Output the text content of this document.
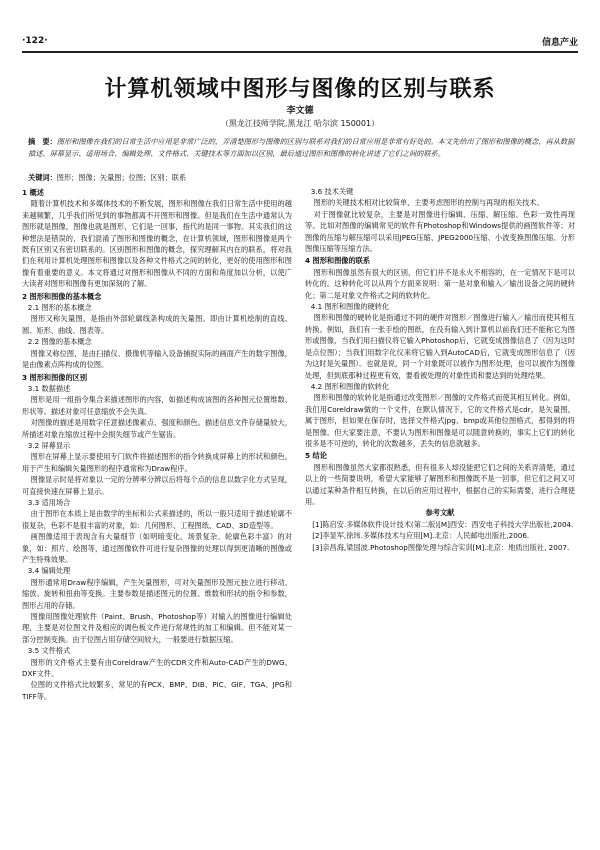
·122·	信息产业
计算机领域中图形与图像的区别与联系
李文德
（黑龙江技师学院,黑龙江 哈尔滨 150001）
摘　要：图形和图像在我们的日常生活中应用是非常广泛的，弄清楚图形与图像的区别与联系对我们的日常应用是非常有好处的。本文先给出了图形和图像的概念，再从数据描述、屏幕显示、适用场合、编辑处理、文件格式、关键技术等方面加以区别，最后通过图形和图像的转化讲述了它们之间的联系。
关键词：图形；图像；矢量图；位图；区别；联系

1 概述

随着计算机技术和多媒体技术的不断发展，图形和图像在我们日常生活中使用的越来越频繁，几乎我们所见到的事物都离不开图形和图像。但是我们在生活中通常认为图形就是图像，图像也就是图形，它们是一回事，指代的是同一事物。其实我们的这种想法是错误的，我们混淆了图形和图像的概念，在计算机领域，图形和图像是两个既有区别又有密切联系的。区别图形和图像的概念，探究理解其内在的联系，将对我们在利用计算机处理图形和图像以及各种文件格式之间的转化，更好的使用图形和图像有着重要的意义。本文将通过对图形和图像从不同的方面和角度加以分析，以使广大读者对图形和图像有更加深刻的了解。

2 图形和图像的基本概念

2.1 图形的基本概念

图形又称矢量图，是指由外部轮廓线条构成的矢量图。即由计算机绘制的直线、圆、矩形、曲线、图表等。

2.2 图像的基本概念

图像又称位图，是由扫描仪、摄像机等输入设备捕捉实际的画面产生的数字图像，是由像素点阵构成的位图。

3 图形和图像的区别

3.1 数据描述

图形是用一组指令集合来描述图形的内容，如描述构成该图的各种图元位置维数、形状等。描述对象可任意缩放不会失真。

对图像的描述是用数字任意描述像素点、强度和颜色。描述信息文件存储量较大，所描述对象在缩放过程中会损失细节或产生锯齿。

3.2 屏幕显示

图形在屏幕上显示要使用专门软件将描述图形的指令转换成屏幕上的形状和颜色。用于产生和编辑矢量图形的程序通常称为Draw程序。

图像显示时是将对象以一定的分辨率分辨以后将每个点的信息以数字化方式呈现，可直接快速在屏幕上显示。

3.3 适用场合

由于图形在本质上是由数学的坐标和公式来描述的，所以一般只适用于描述轮廓不很复杂，色彩不是很丰富的对象，如：几何图形、工程图纸、CAD、3D造型等。

画图像适用于表现含有大量细节（如明暗变化、场景复杂、轮廓色彩丰富）的对象，如：照片、绘图等，通过图像软件可进行复杂图像的处理以得到更清晰的图像或产生特殊效果。

3.4 编辑处理

图形通常用Draw程序编辑，产生矢量图形，可对矢量图形及图元独立进行移动、缩放、旋转和扭曲等变换。主要参数是描述图元的位置、维数和形状的指令和参数，图形占用的存储。

图像用图像处理软件（Paint、Brush、Photoshop等）对输入的图像进行编辑处理，主要是对位图文件及相应的调色板文件进行常规性的加工和编辑。但不能对某一部分控制变换。由于位图占用存储空间较大，一般要进行数据压缩。

3.5 文件格式

图形的文件格式主要有由Coreldraw产生的CDR文件和Auto-CAD产生的DWG、DXF文件。

位图的文件格式比较繁多，常见的有PCX、BMP、DIB、PIC、GIF、TGA、JPG和TIFF等。

3.6 技术关键

图形的关键技术相对比较简单，主要考虑图形的控制与再现的相关技术。

对于图像就比较复杂，主要是对图像进行编辑、压缩、解压缩、色彩一致性再现等。比如对图像的编辑常见的软件有Photoshop和Windows提供的画图软件等；对图像的压缩与解压缩可以采用JPEG压缩、JPEG2000压缩、小波变换图像压缩、分形图像压缩等压缩方法。

4 图形和图像的联系

图形和图像虽然有很大的区别，但它们并不是永火不相容的，在一定情况下是可以转化的。这种转化可以从两个方面来说明：第一是对象和输入／输出设备之间的硬转化；第二是对象文件格式之间的软转化。

4.1 图形和图像的硬转化

图形和图像的硬转化是指通过不同的硬件对图形／图像进行输入／输出而使其相互转换。例如，我们有一张手绘的图纸，在没有输入到计算机以前我们还不能称它为图形或图像，当我们用扫描仪将它输入Photoshop后，它就变成图像信息了（因为这时是点位图）；当我们用数字化仪来将它输入到AutoCAD后，它就变成图形信息了（因为这时是矢量图）。也就是说，同一个对象既可以被作为图形处理，也可以被作为图像处理，但到底那种过程更有效，要看被处理的对象性质和要达到的处理结果。

4.2 图形和图像的软转化

图形和图像的软转化是指通过改变图形／图像的文件格式而使其相互转化。例如，我们用Coreldraw做的一个文件，在默认情况下，它的文件格式是cdr，是矢量图，属于图形，但如果在保存时，选择文件格式jpg、bmp或其他位图格式，那得到的将是图像。但大家要注意，不要认为图形和图像是可以随意转换的，事实上它们的转化很多是不可逆的，转化的次数越多，丢失的信息就越多。

5 结论

图形和图像虽然大家都很熟悉，但有很多人却没能把它们之间的关系弄清楚，通过以上的一些简要说明，希望大家能够了解图形和图像既不是一回事，但它们之间又可以通过某种条件相互转换，在以后的应用过程中，根据自己的实际需要，进行合理使用。

参考文献

[1]陈启安.多媒体软件设计技术(第二版)[M]西安：西安电子科技大学出版社,2004.

[2]李显军,徐玮.多媒体技术与应用[M].北京：人民邮电出版社,2006.

[3]亲昌海,梁国波.Photoshop图像处理与综合实训[M].北京：地质出版社, 2007.
